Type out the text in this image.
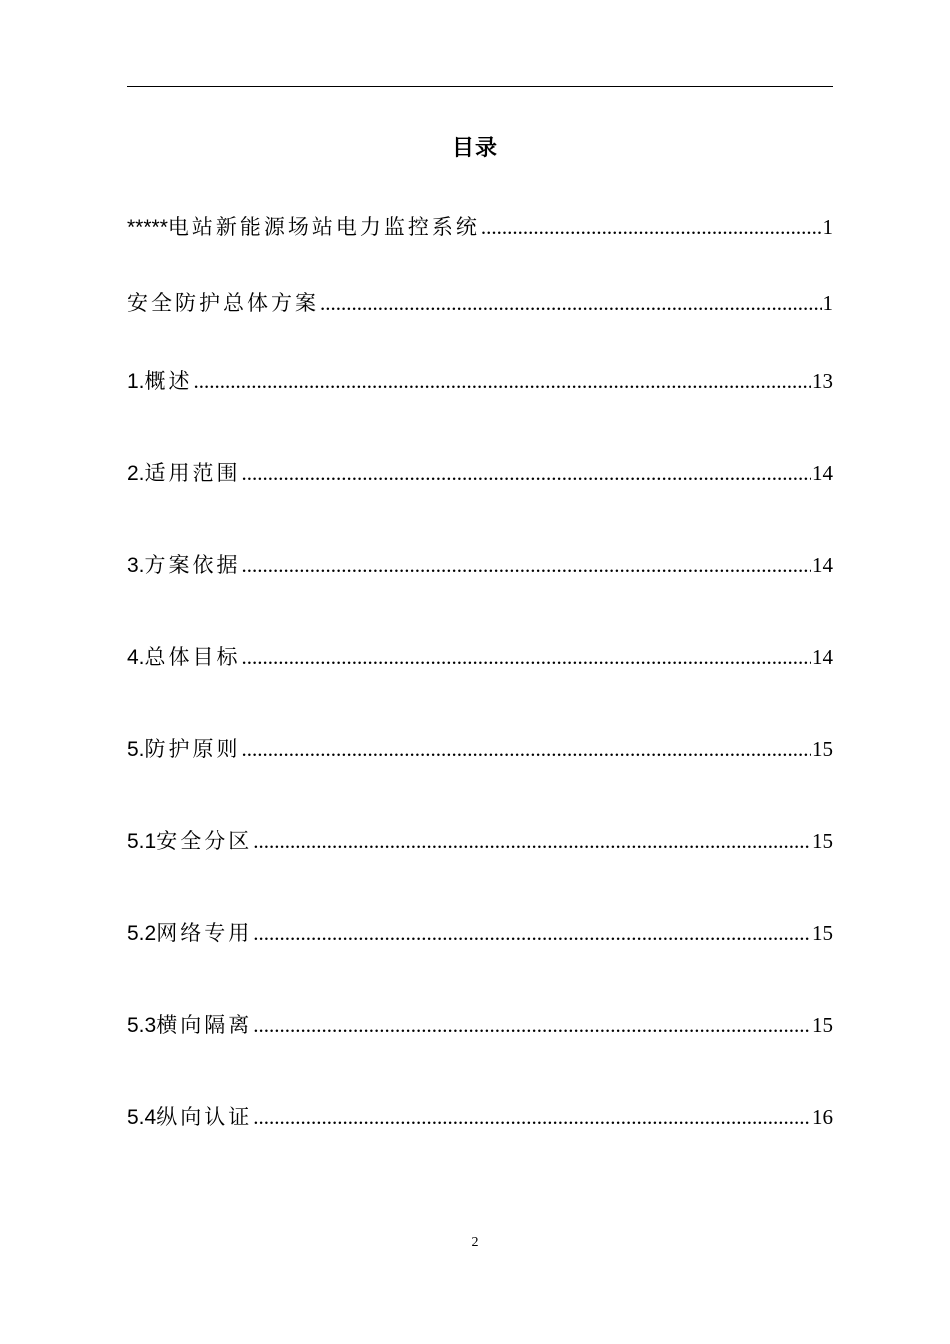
目录
***** 电站新能源场站电力监控系统 .....	1
安全防护总体方案 .....	1
1. 概述 .....	13
2. 适用范围 .....	14
3. 方案依据 .....	14
4. 总体目标 .....	14
5. 防护原则 .....	15
5.1 安全分区 .....	15
5.2 网络专用 .....	15
5.3 横向隔离 .....	15
5.4 纵向认证 .....	16
2
